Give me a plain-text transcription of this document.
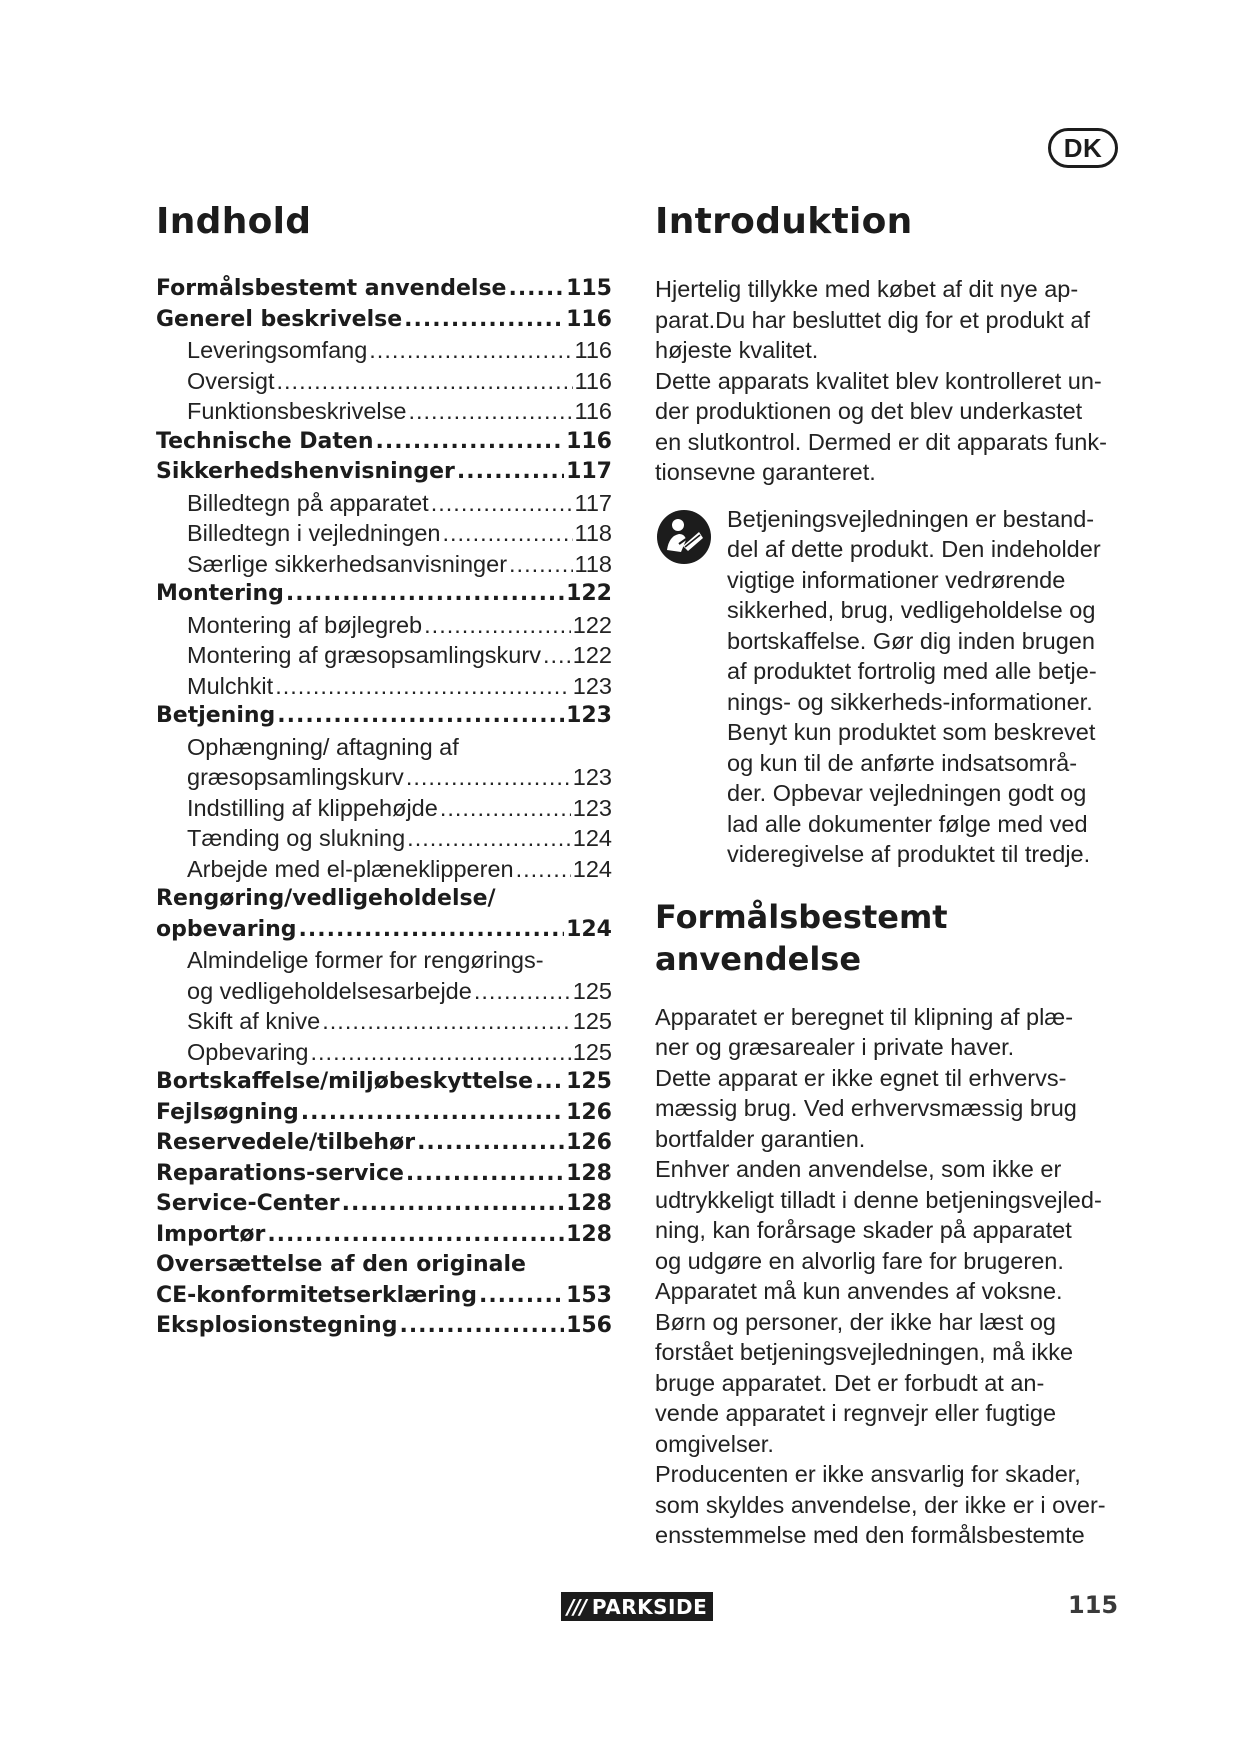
DK
Indhold
Formålsbestemt anvendelse .....	115
Generel beskrivelse .....	116
Leveringsomfang .....	116
Oversigt .....	116
Funktionsbeskrivelse .....	116
Technische Daten .....	116
Sikkerhedshenvisninger .....	117
Billedtegn på apparatet .....	117
Billedtegn i vejledningen .....	118
Særlige sikkerhedsanvisninger .....	118
Montering .....	122
Montering af bøjlegreb .....	122
Montering af græsopsamlingskurv ..... 122
Mulchkit .....	123
Betjening .....	123
Ophængning/ aftagning af
græsopsamlingskurv .....	123
Indstilling af klippehøjde .....	123
Tænding og slukning .....	124
Arbejde med el-plæneklipperen .....	124
Rengøring/vedligeholdelse/
opbevaring .....	124
Almindelige former for rengørings-
og vedligeholdelsesarbejde .....	125
Skift af knive .....	125
Opbevaring .....	125
Bortskaffelse/miljøbeskyttelse ..... 125
Fejlsøgning .....	126
Reservedele/tilbehør .....	126
Reparations-service .....	128
Service-Center .....	128
Importør .....	128
Oversættelse af den originale
CE-konformitetserklæring .....	153
Eksplosionstegning .....	156
Introduktion
Hjertelig tillykke med købet af dit nye ap-
parat.Du har besluttet dig for et produkt af
højeste kvalitet.
Dette apparats kvalitet blev kontrolleret un-
der produktionen og det blev underkastet
en slutkontrol. Dermed er dit apparats funk-
tionsevne garanteret.
Betjeningsvejledningen er bestand-
del af dette produkt. Den indeholder
vigtige informationer vedrørende
sikkerhed, brug, vedligeholdelse og
bortskaffelse. Gør dig inden brugen
af produktet fortrolig med alle betje-
nings- og sikkerheds-informationer.
Benyt kun produktet som beskrevet
og kun til de anførte indsatsområ-
der. Opbevar vejledningen godt og
lad alle dokumenter følge med ved
videregivelse af produktet til tredje.
Formålsbestemt
anvendelse
Apparatet er beregnet til klipning af plæ-
ner og græsarealer i private haver.
Dette apparat er ikke egnet til erhvervs-
mæssig brug. Ved erhvervsmæssig brug
bortfalder garantien.
Enhver anden anvendelse, som ikke er
udtrykkeligt tilladt i denne betjeningsvejled-
ning, kan forårsage skader på apparatet
og udgøre en alvorlig fare for brugeren.
Apparatet må kun anvendes af voksne.
Børn og personer, der ikke har læst og
forstået betjeningsvejledningen, må ikke
bruge apparatet. Det er forbudt at an-
vende apparatet i regnvejr eller fugtige
omgivelser.
Producenten er ikke ansvarlig for skader,
som skyldes anvendelse, der ikke er i over-
ensstemmelse med den formålsbestemte
/// PARKSIDE	115
